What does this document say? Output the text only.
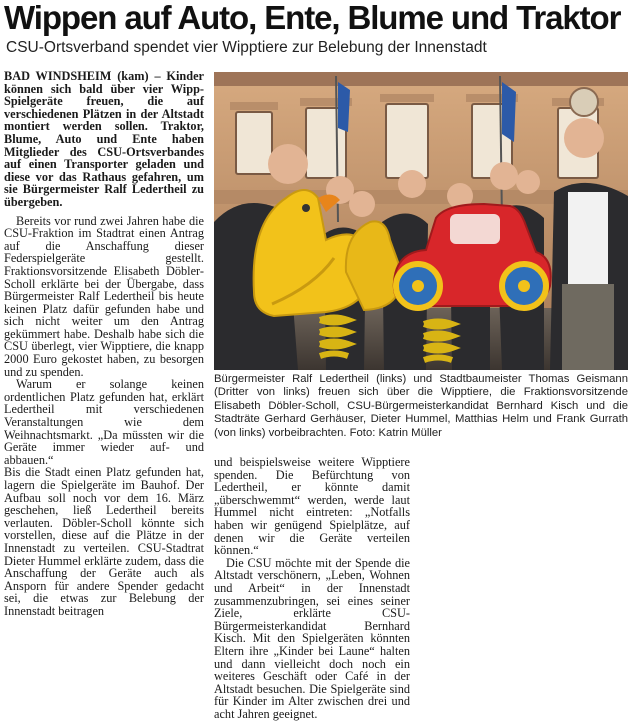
Wippen auf Auto, Ente, Blume und Traktor
CSU-Ortsverband spendet vier Wipptiere zur Belebung der Innenstadt

BAD WINDSHEIM (kam) – Kinder können sich bald über vier Wipp-Spielgeräte freuen, die auf verschiedenen Plätzen in der Altstadt montiert werden sollen. Traktor, Blume, Auto und Ente haben Mitglieder des CSU-Ortsverbandes auf einen Transporter geladen und diese vor das Rathaus gefahren, um sie Bürgermeister Ralf Ledertheil zu übergeben.

Bereits vor rund zwei Jahren habe die CSU-Fraktion im Stadtrat einen Antrag auf die Anschaffung dieser Federspielgeräte gestellt. Fraktionsvorsitzende Elisabeth Döbler-Scholl erklärte bei der Übergabe, dass Bürgermeister Ralf Ledertheil bis heute keinen Platz dafür gefunden habe und sich nicht weiter um den Antrag gekümmert habe. Deshalb habe sich die CSU überlegt, vier Wipptiere, die knapp 2000 Euro gekostet haben, zu besorgen und zu spenden.

Warum er solange keinen ordentlichen Platz gefunden hat, erklärt Ledertheil mit verschiedenen Veranstaltungen wie dem Weihnachtsmarkt. „Da müssten wir die Geräte immer wieder auf- und abbauen.“

Bis die Stadt einen Platz gefunden hat, lagern die Spielgeräte im Bauhof. Der Aufbau soll noch vor dem 16. März geschehen, ließ Ledertheil bereits verlauten. Döbler-Scholl könnte sich vorstellen, diese auf die Plätze in der Innenstadt zu verteilen. CSU-Stadtrat Dieter Hummel erklärte zudem, dass die Anschaffung der Geräte auch als Ansporn für andere Spender gedacht sei, die etwas zur Belebung der Innenstadt beitragen

Bürgermeister Ralf Ledertheil (links) und Stadtbaumeister Thomas Geismann (Dritter von links) freuen sich über die Wipptiere, die Fraktionsvorsitzende Elisabeth Döbler-Scholl, CSU-Bürgermeisterkandidat Bernhard Kisch und die Stadträte Gerhard Gerhäuser, Dieter Hummel, Matthias Helm und Frank Gurrath (von links) vorbeibrachten. Foto: Katrin Müller

und beispielsweise weitere Wipptiere spenden. Die Befürchtung von Ledertheil, er könnte damit „überschwemmt“ werden, werde laut Hummel nicht eintreten: „Notfalls haben wir genügend Spielplätze, auf denen wir die Geräte verteilen können.“

Die CSU möchte mit der Spende die Altstadt verschönern, „Leben, Wohnen und Arbeit“ in der Innenstadt zusammenzubringen, sei eines seiner Ziele, erklärte CSU-Bürgermeisterkandidat Bernhard Kisch. Mit den Spielgeräten könnten Eltern ihre „Kinder bei Laune“ halten und dann vielleicht doch noch ein weiteres Geschäft oder Café in der Altstadt besuchen. Die Spielgeräte sind für Kinder im Alter zwischen drei und acht Jahren geeignet.
